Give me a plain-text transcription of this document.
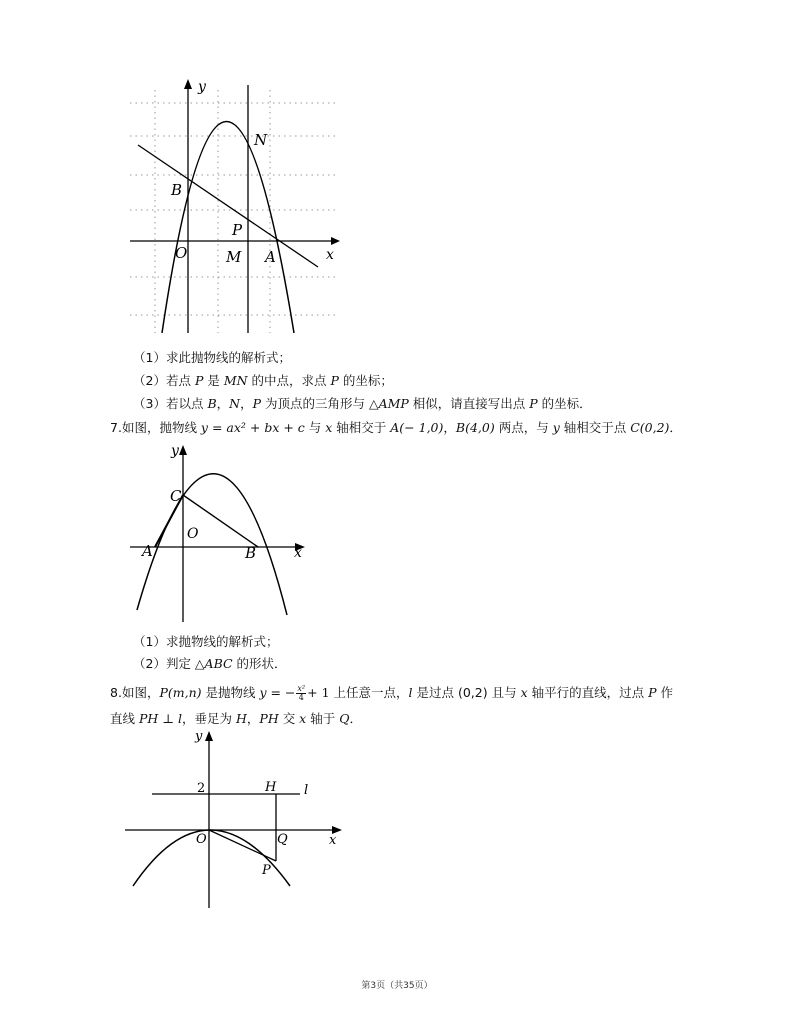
y
x
N
B
P
O	M A
（1）求此抛物线的解析式；
（2）若点 P 是 MN 的中点，求点 P 的坐标；
（3）若以点 B，N，P 为顶点的三角形与 △AMP 相似，请直接写出点 P 的坐标．
7.如图，抛物线 y = ax² + bx + c 与 x 轴相交于 A(− 1,0)，B(4,0) 两点，与 y 轴相交于点 C(0,2)．
y
x
C
O
A	B
（1）求抛物线的解析式；
（2）判定 △ABC 的形状．
8.如图，P(m,n) 是抛物线 y = − $\frac{\text{x²}}{4} + 1$ 上任意一点，l 是过点 (0,2) 且与 x 轴平行的直线，过点 P 作
直线 PH ⊥ l，垂足为 H，PH 交 x 轴于 Q．
y
x
2	H l
O	Q
P
第3页（共35页）
